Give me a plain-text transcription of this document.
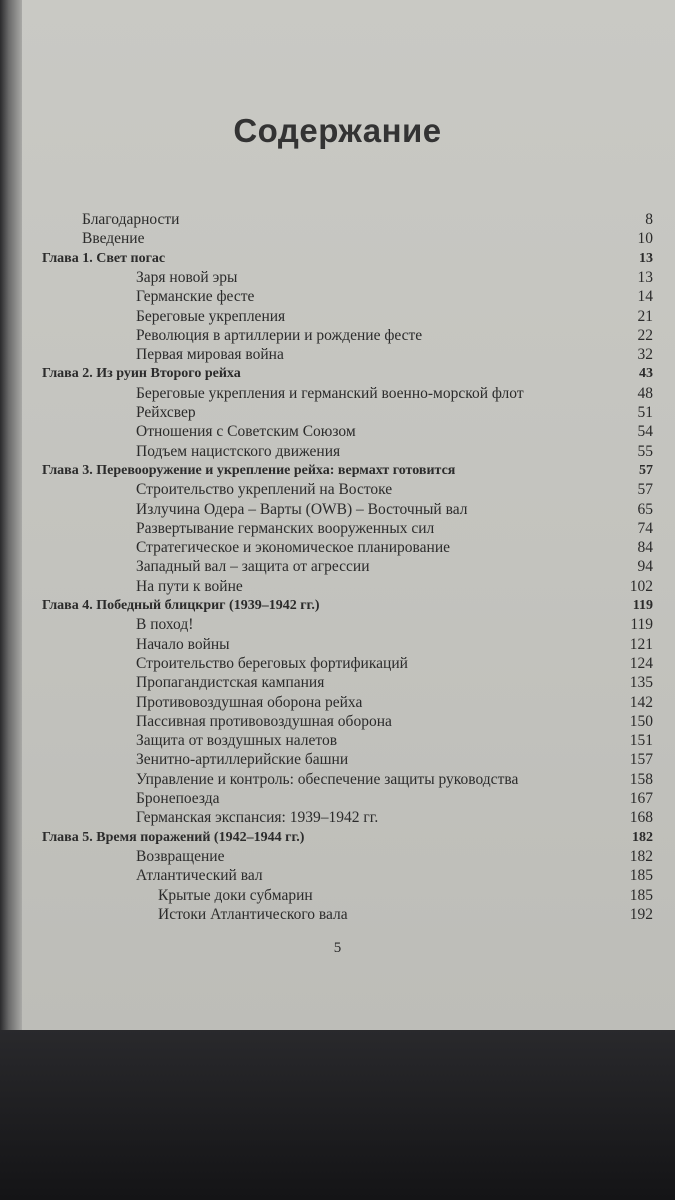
Содержание
Благодарности	8
Введение	10
Глава 1. Свет погас	13
Заря новой эры	13
Германские фесте	14
Береговые укрепления	21
Революция в артиллерии и рождение фесте	22
Первая мировая война	32
Глава 2. Из руин Второго рейха	43
Береговые укрепления и германский военно-морской флот	48
Рейхсвер	51
Отношения с Советским Союзом	54
Подъем нацистского движения	55
Глава 3. Перевооружение и укрепление рейха: вермахт готовится	57
Строительство укреплений на Востоке	57
Излучина Одера – Варты (OWB) – Восточный вал	65
Развертывание германских вооруженных сил	74
Стратегическое и экономическое планирование	84
Западный вал – защита от агрессии	94
На пути к войне	102
Глава 4. Победный блицкриг (1939–1942 гг.)	119
В поход!	119
Начало войны	121
Строительство береговых фортификаций	124
Пропагандистская кампания	135
Противовоздушная оборона рейха	142
Пассивная противовоздушная оборона	150
Защита от воздушных налетов	151
Зенитно-артиллерийские башни	157
Управление и контроль: обеспечение защиты руководства	158
Бронепоезда	167
Германская экспансия: 1939–1942 гг.	168
Глава 5. Время поражений (1942–1944 гг.)	182
Возвращение	182
Атлантический вал	185
Крытые доки субмарин	185
Истоки Атлантического вала	192
5
